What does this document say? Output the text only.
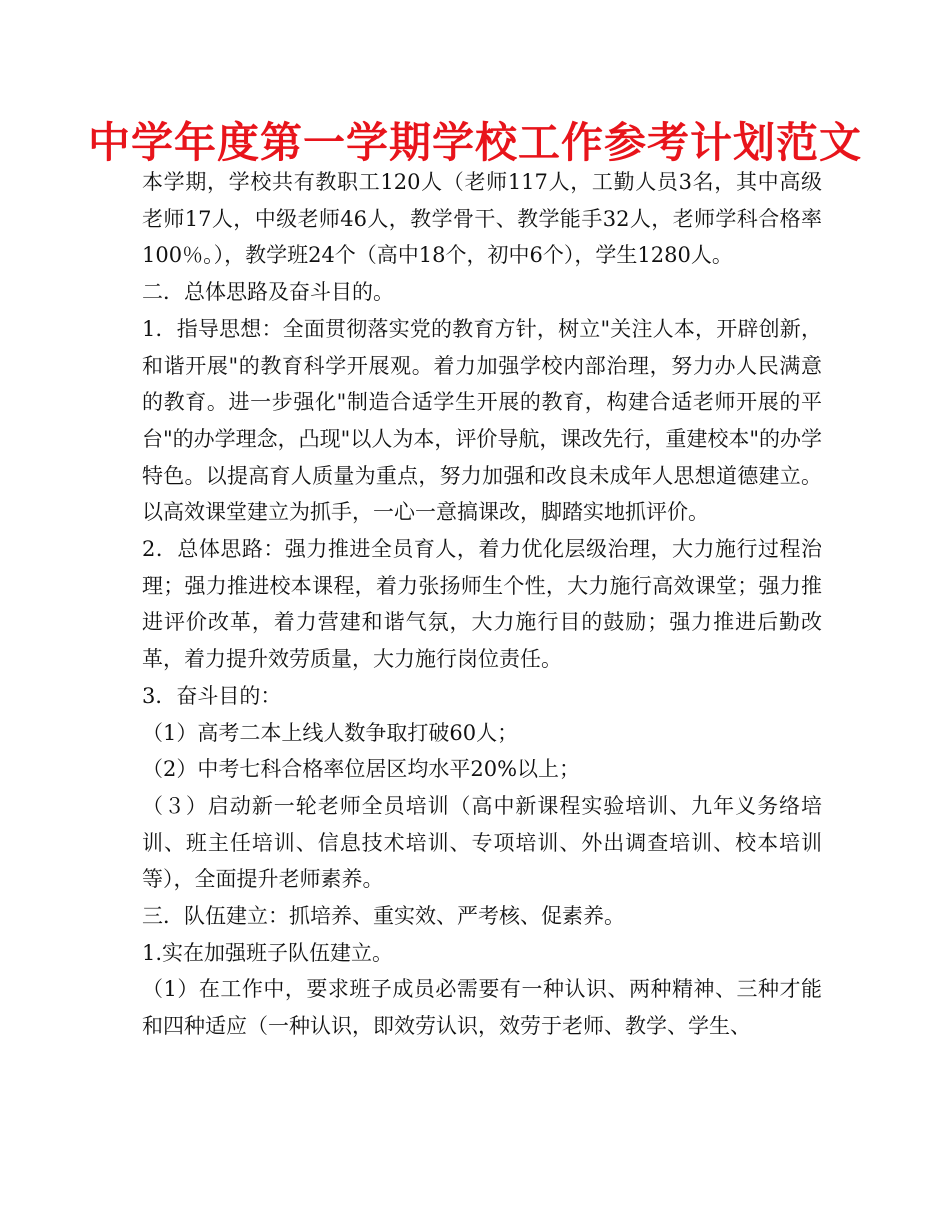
中学年度第一学期学校工作参考计划范文

本学期，学校共有教职工120人（老师117人，工勤人员3名，其中高级老师17人，中级老师46人，教学骨干、教学能手32人，老师学科合格率100％。），教学班24个（高中18个，初中6个），学生1280人。

二．总体思路及奋斗目的。

1．指导思想：全面贯彻落实党的教育方针，树立"关注人本，开辟创新，和谐开展"的教育科学开展观。着力加强学校内部治理，努力办人民满意的教育。进一步强化"制造合适学生开展的教育，构建合适老师开展的平台"的办学理念，凸现"以人为本，评价导航，课改先行，重建校本"的办学特色。以提高育人质量为重点，努力加强和改良未成年人思想道德建立。以高效课堂建立为抓手，一心一意搞课改，脚踏实地抓评价。

2．总体思路：强力推进全员育人，着力优化层级治理，大力施行过程治理；强力推进校本课程，着力张扬师生个性，大力施行高效课堂；强力推进评价改革，着力营建和谐气氛，大力施行目的鼓励；强力推进后勤改革，着力提升效劳质量，大力施行岗位责任。

3．奋斗目的：

（1）高考二本上线人数争取打破60人；

（2）中考七科合格率位居区均水平20%以上；

（３）启动新一轮老师全员培训（高中新课程实验培训、九年义务络培训、班主任培训、信息技术培训、专项培训、外出调查培训、校本培训等），全面提升老师素养。

三．队伍建立：抓培养、重实效、严考核、促素养。

1.实在加强班子队伍建立。

（1）在工作中，要求班子成员必需要有一种认识、两种精神、三种才能和四种适应（一种认识，即效劳认识，效劳于老师、教学、学生、
